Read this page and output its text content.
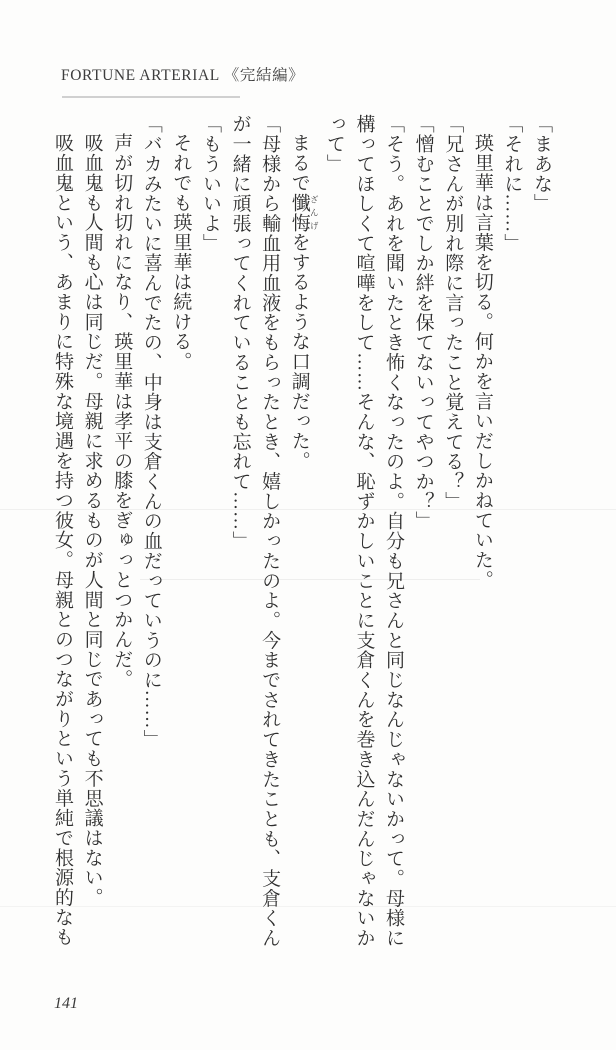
FORTUNE ARTERIAL 《完結編》

「まあな」

「それに……」

瑛里華は言葉を切る。何かを言いだしかねていた。

「兄さんが別れ際に言ったこと覚えてる？」

「憎むことでしか絆を保てないってやつか？」

「そう。あれを聞いたとき怖くなったのよ。自分も兄さんと同じなんじゃないかって。母様に

構ってほしくて喧嘩をして……そんな、恥ずかしいことに支倉くんを巻き込んだんじゃないか

って」

まるで懺悔 ざんげをするような口調だった。

「母様から輸血用血液をもらったとき、嬉しかったのよ。今までされてきたことも、支倉くん

が一緒に頑張ってくれていることも忘れて……」

「もういいよ」

それでも瑛里華は続ける。

「バカみたいに喜んでたの、中身は支倉くんの血だっていうのに……」

声が切れ切れになり、瑛里華は孝平の膝をぎゅっとつかんだ。

吸血鬼も人間も心は同じだ。母親に求めるものが人間と同じであっても不思議はない。

吸血鬼という、あまりに特殊な境遇を持つ彼女。母親とのつながりという単純で根源的なも

141
